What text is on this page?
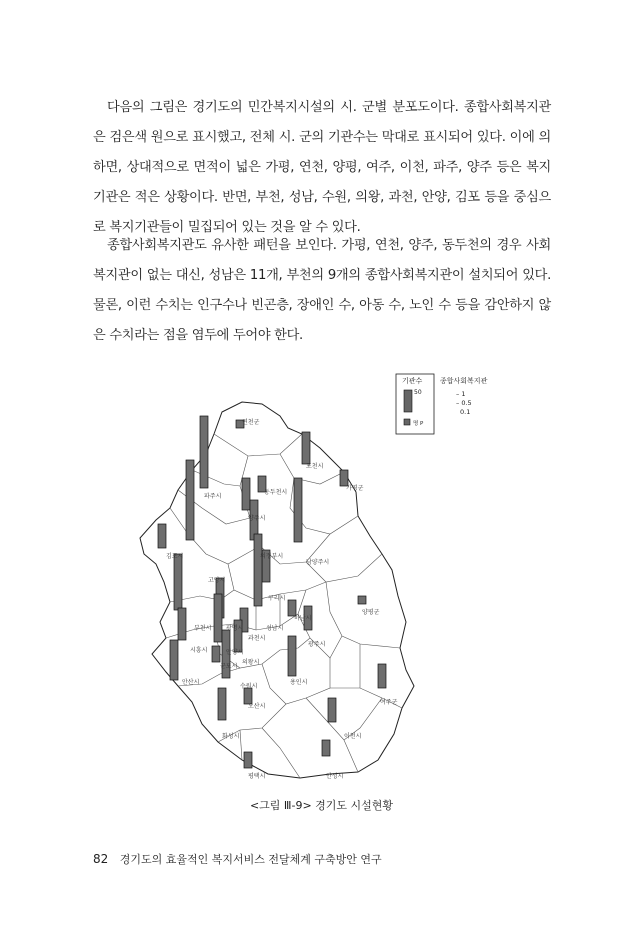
다음의 그림은 경기도의 민간복지시설의 시. 군별 분포도이다. 종합사회복지관은 검은색 원으로 표시했고, 전체 시. 군의 기관수는 막대로 표시되어 있다. 이에 의하면, 상대적으로 면적이 넓은 가평, 연천, 양평, 여주, 이천, 파주, 양주 등은 복지기관은 적은 상황이다. 반면, 부천, 성남, 수원, 의왕, 과천, 안양, 김포 등을 중심으로 복지기관들이 밀집되어 있는 것을 알 수 있다.

종합사회복지관도 유사한 패턴을 보인다. 가평, 연천, 양주, 동두천의 경우 사회복지관이 없는 대신, 성남은 11개, 부천의 9개의 종합사회복지관이 설치되어 있다. 물론, 이런 수치는 인구수나 빈곤층, 장애인 수, 아동 수, 노인 수 등을 감안하지 않은 수치라는 점을 염두에 두어야 한다.

연천군
포천시
가평군
파주시
동두천시
양주시
김포시
고양시
남양주시
의정부시
구리시
하남시
양평군
부천시 광명시
시흥시
안산시
안양시
과천시
의왕시
군포시
성남시
광주시
수원시
용인시
오산시
화성시	이천시
여주군
평택시	안성시
기관수
50
명 P
종합사회복지관
– 1
– 0.5
0.1
<그림 Ⅲ-9> 경기도 시설현황
82 경기도의 효율적인 복지서비스 전달체계 구축방안 연구
